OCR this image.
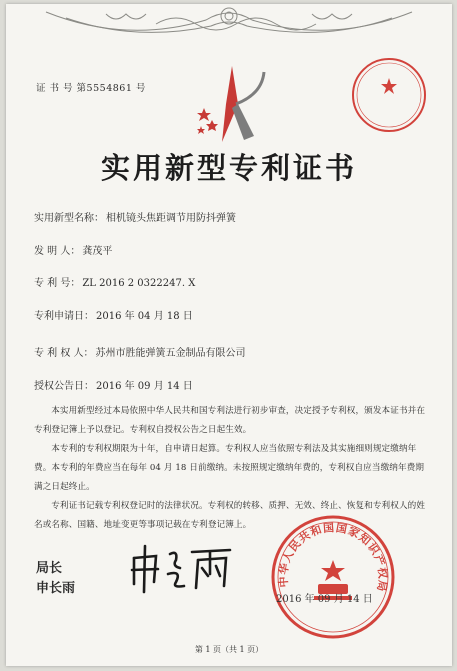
证 书 号 第5554861 号
实用新型专利证书
实用新型名称： 相机镜头焦距调节用防抖弹簧
发 明 人： 龚茂平
专 利 号： ZL 2016 2 0322247. X
专利申请日： 2016 年 04 月 18 日
专 利 权 人： 苏州市胜能弹簧五金制品有限公司
授权公告日： 2016 年 09 月 14 日

本实用新型经过本局依照中华人民共和国专利法进行初步审查，决定授予专利权，颁发本证书并在专利登记簿上予以登记。专利权自授权公告之日起生效。

本专利的专利权期限为十年，自申请日起算。专利权人应当依照专利法及其实施细则规定缴纳年费。本专利的年费应当在每年 04 月 18 日前缴纳。未按照规定缴纳年费的，专利权自应当缴纳年费期满之日起终止。

专利证书记载专利权登记时的法律状况。专利权的转移、质押、无效、终止、恢复和专利权人的姓名或名称、国籍、地址变更等事项记载在专利登记簿上。

局长
申长雨	中华人民共和国国家知识产权局
2016 年 09 月 14 日
第 1 页（共 1 页）
